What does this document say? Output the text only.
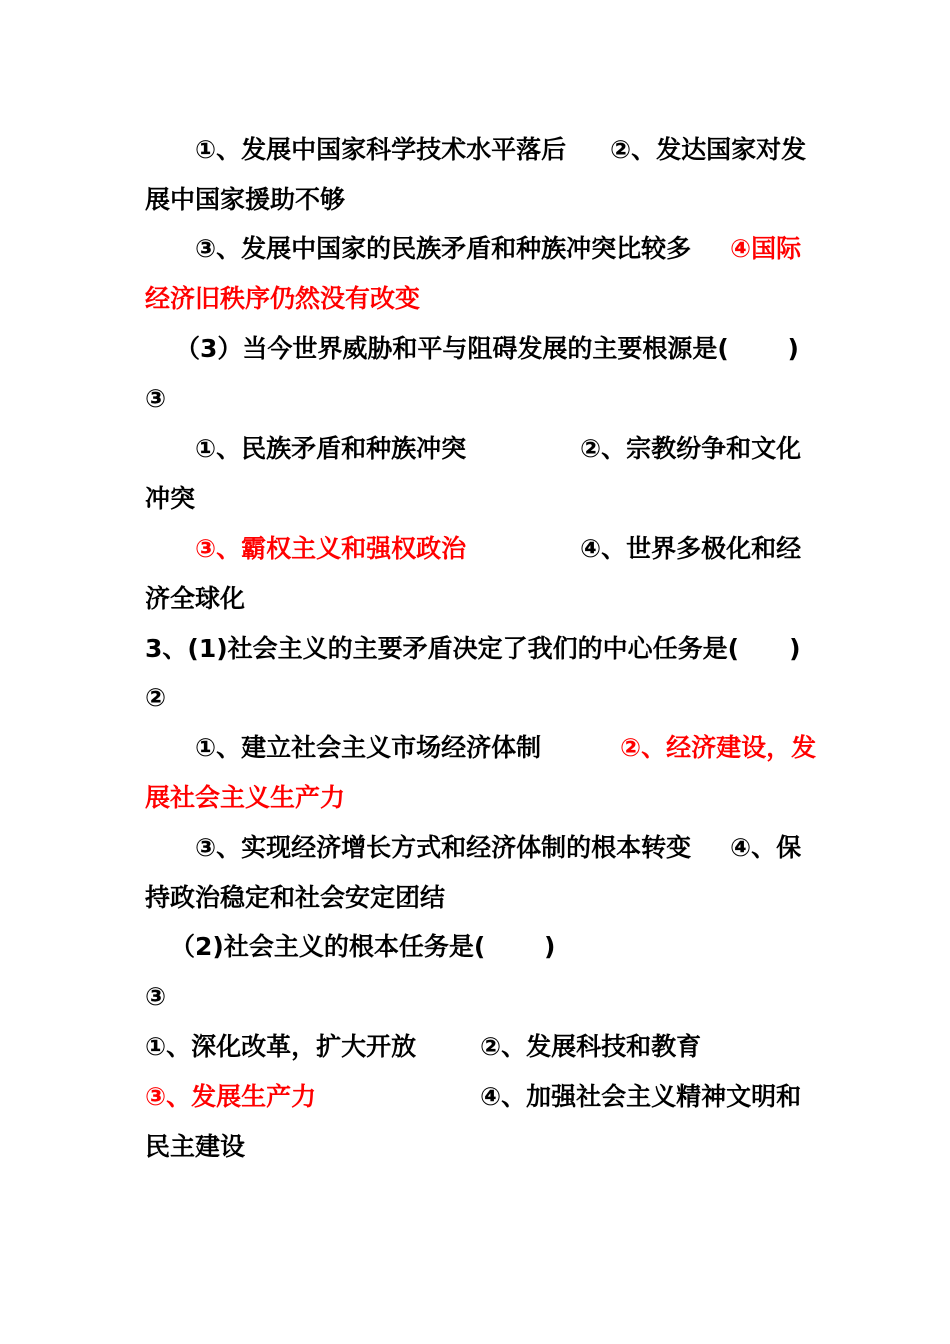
①、发展中国家科学技术水平落后 ②、发达国家对发
展中国家援助不够
③、发展中国家的民族矛盾和种族冲突比较多 ④国际
经济旧秩序仍然没有改变
（3）当今世界威胁和平与阻碍发展的主要根源是(　　 )
③
①、民族矛盾和种族冲突	②、宗教纷争和文化
冲突
③、霸权主义和强权政治	④、世界多极化和经
济全球化
3、(1)社会主义的主要矛盾决定了我们的中心任务是(　　)
②
①、建立社会主义市场经济体制	②、经济建设，发
展社会主义生产力
③、实现经济增长方式和经济体制的根本转变 ④、保
持政治稳定和社会安定团结
（2)社会主义的根本任务是(　　 )
③
①、深化改革，扩大开放	②、发展科技和教育
③、发展生产力	④、加强社会主义精神文明和
民主建设
